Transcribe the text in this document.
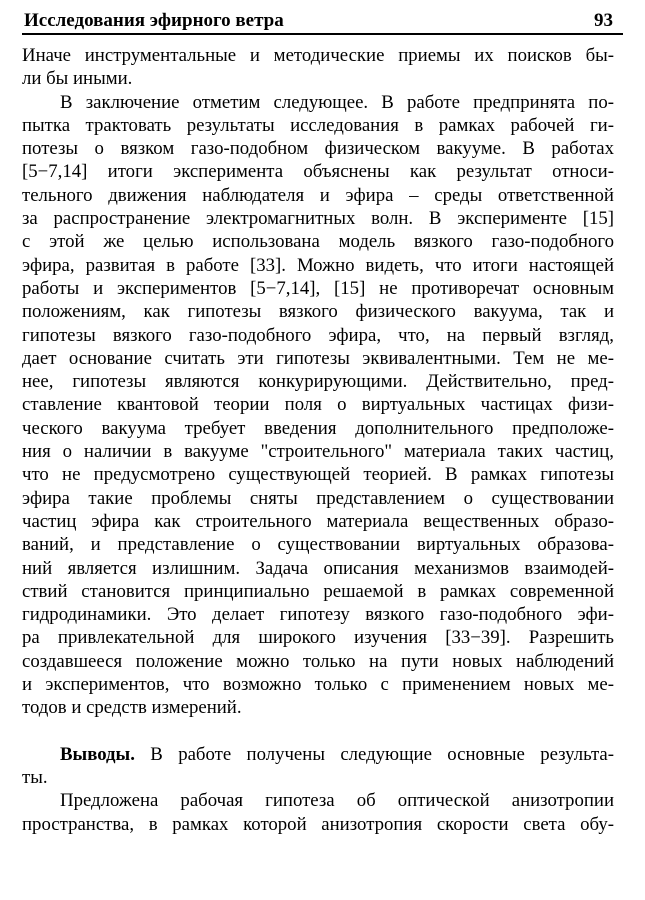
Исследования эфирного ветра	93
Иначе инструментальные и методические приемы их поисков бы-
ли бы иными.
В заключение отметим следующее. В работе предпринята по-
пытка трактовать результаты исследования в рамках рабочей ги-
потезы о вязком газо-подобном физическом вакууме. В работах
[5−7,14] итоги эксперимента объяснены как результат относи-
тельного движения наблюдателя и эфира – среды ответственной
за распространение электромагнитных волн. В эксперименте [15]
с этой же целью использована модель вязкого газо-подобного
эфира, развитая в работе [33]. Можно видеть, что итоги настоящей
работы и экспериментов [5−7,14], [15] не противоречат основным
положениям, как гипотезы вязкого физического вакуума, так и
гипотезы вязкого газо-подобного эфира, что, на первый взгляд,
дает основание считать эти гипотезы эквивалентными. Тем не ме-
нее, гипотезы являются конкурирующими. Действительно, пред-
ставление квантовой теории поля о виртуальных частицах физи-
ческого вакуума требует введения дополнительного предположе-
ния о наличии в вакууме "строительного" материала таких частиц,
что не предусмотрено существующей теорией. В рамках гипотезы
эфира такие проблемы сняты представлением о существовании
частиц эфира как строительного материала вещественных образо-
ваний, и представление о существовании виртуальных образова-
ний является излишним. Задача описания механизмов взаимодей-
ствий становится принципиально решаемой в рамках современной
гидродинамики. Это делает гипотезу вязкого газо-подобного эфи-
ра привлекательной для широкого изучения [33−39]. Разрешить
создавшееся положение можно только на пути новых наблюдений
и экспериментов, что возможно только с применением новых ме-
тодов и средств измерений.
Выводы. В работе получены следующие основные результа-
ты.
Предложена рабочая гипотеза об оптической анизотропии
пространства, в рамках которой анизотропия скорости света обу-
